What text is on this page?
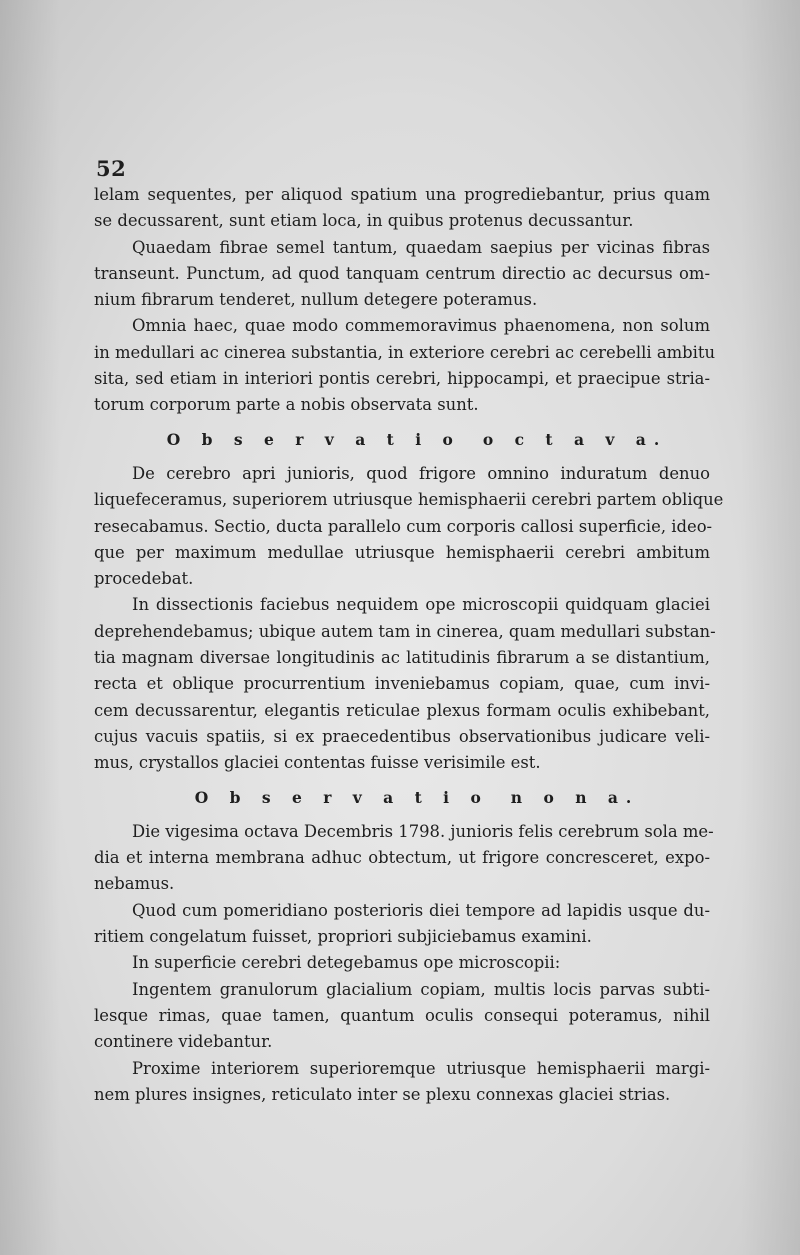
52
lelam sequentes, per aliquod spatium una progrediebantur, prius quam
se decussarent, sunt etiam loca, in quibus protenus decussantur.
Quaedam fibrae semel tantum, quaedam saepius per vicinas fibras
transeunt. Punctum, ad quod tanquam centrum directio ac decursus om-
nium fibrarum tenderet, nullum detegere poteramus.
Omnia haec, quae modo commemoravimus phaenomena, non solum
in medullari ac cinerea substantia, in exteriore cerebri ac cerebelli ambitu
sita, sed etiam in interiori pontis cerebri, hippocampi, et praecipue stria-
torum corporum parte a nobis observata sunt.
O b s e r v a t i o o c t a v a.
De cerebro apri junioris, quod frigore omnino induratum denuo
liquefeceramus, superiorem utriusque hemisphaerii cerebri partem oblique
resecabamus. Sectio, ducta parallelo cum corporis callosi superficie, ideo-
que per maximum medullae utriusque hemisphaerii cerebri ambitum
procedebat.
In dissectionis faciebus nequidem ope microscopii quidquam glaciei
deprehendebamus; ubique autem tam in cinerea, quam medullari substan-
tia magnam diversae longitudinis ac latitudinis fibrarum a se distantium,
recta et oblique procurrentium inveniebamus copiam, quae, cum invi-
cem decussarentur, elegantis reticulae plexus formam oculis exhibebant,
cujus vacuis spatiis, si ex praecedentibus observationibus judicare veli-
mus, crystallos glaciei contentas fuisse verisimile est.
O b s e r v a t i o n o n a.
Die vigesima octava Decembris 1798. junioris felis cerebrum sola me-
dia et interna membrana adhuc obtectum, ut frigore concresceret, expo-
nebamus.
Quod cum pomeridiano posterioris diei tempore ad lapidis usque du-
ritiem congelatum fuisset, propriori subjiciebamus examini.
In superficie cerebri detegebamus ope microscopii:
Ingentem granulorum glacialium copiam, multis locis parvas subti-
lesque rimas, quae tamen, quantum oculis consequi poteramus, nihil
continere videbantur.
Proxime interiorem superioremque utriusque hemisphaerii margi-
nem plures insignes, reticulato inter se plexu connexas glaciei strias.
